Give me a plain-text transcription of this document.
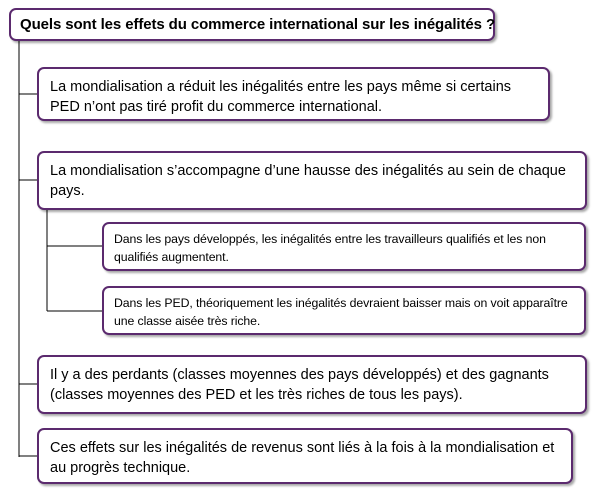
Quels sont les effets du commerce international sur les inégalités ?
La mondialisation a réduit les inégalités entre les pays même si certains PED n’ont pas tiré profit du commerce international.
La mondialisation s’accompagne d’une hausse des inégalités au sein de chaque pays.
Dans les pays développés, les inégalités entre les travailleurs qualifiés et les non qualifiés augmentent.
Dans les PED, théoriquement les inégalités devraient baisser mais on voit apparaître une classe aisée très riche.
Il y a des perdants (classes moyennes des pays développés) et des gagnants (classes moyennes des PED et les très riches de tous les pays).
Ces effets sur les inégalités de revenus sont liés à la fois à la mondialisation et au progrès technique.
